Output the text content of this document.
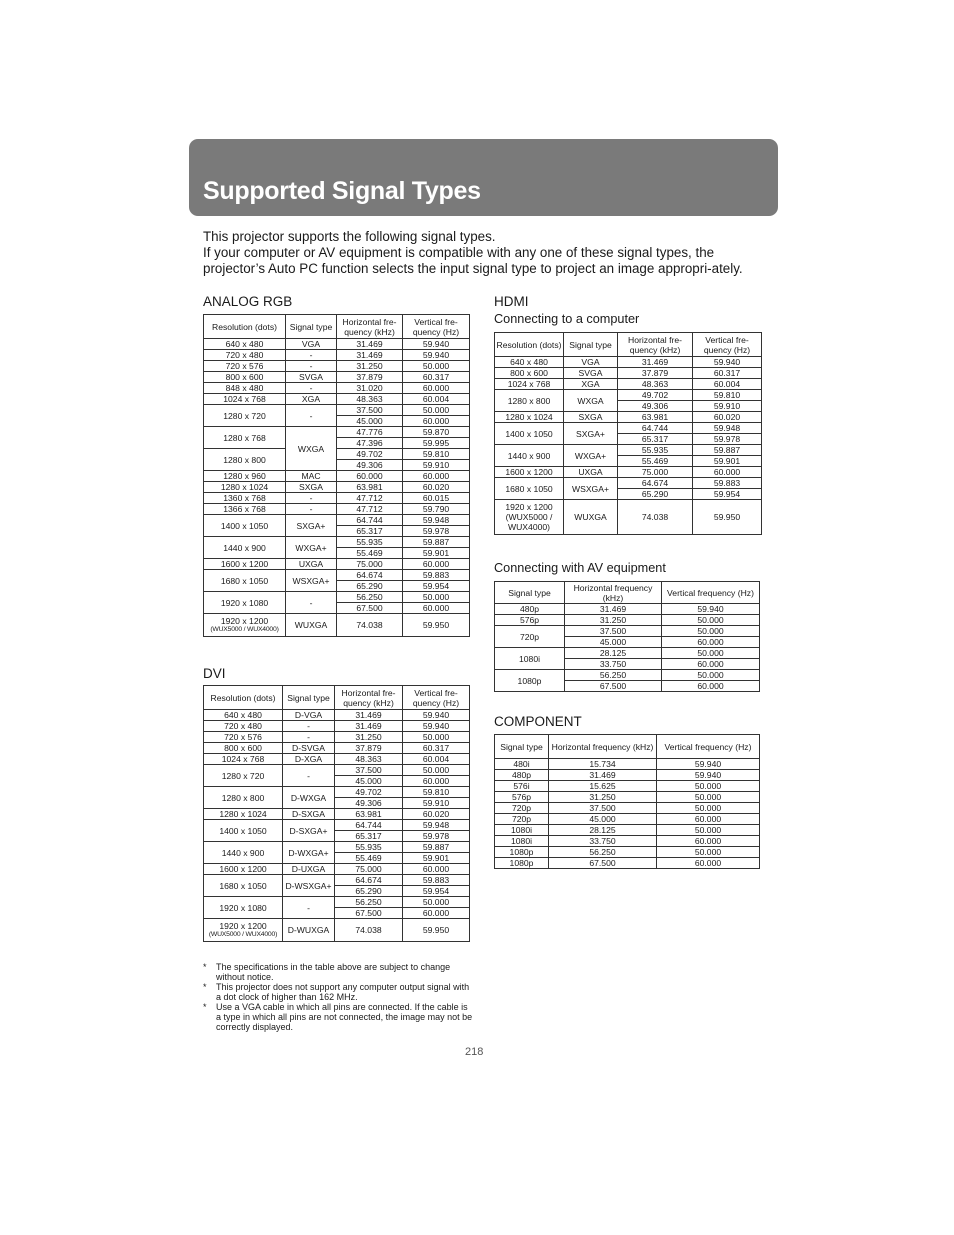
Supported Signal Types

This projector supports the following signal types.

If your computer or AV equipment is compatible with any one of these signal types, the projector’s Auto PC function selects the input signal type to project an image appropri-ately.

ANALOG RGB
Resolution (dots)	Signal type	Horizontal fre-quency (kHz)	Vertical fre-quency (Hz)
640 x 480	VGA	31.469	59.940
720 x 480	-	31.469	59.940
720 x 576	-	31.250	50.000
800 x 600	SVGA	37.879	60.317
848 x 480	-	31.020	60.000
1024 x 768	XGA	48.363	60.004
1280 x 720	-	37.500	50.000
		45.000	60.000
1280 x 768	WXGA	47.776	59.870
		47.396	59.995
1280 x 800		49.702	59.810
		49.306	59.910
1280 x 960	MAC	60.000	60.000
1280 x 1024	SXGA	63.981	60.020
1360 x 768	-	47.712	60.015
1366 x 768	-	47.712	59.790
1400 x 1050	SXGA+	64.744	59.948
		65.317	59.978
1440 x 900	WXGA+	55.935	59.887
		55.469	59.901
1600 x 1200	UXGA	75.000	60.000
1680 x 1050	WSXGA+	64.674	59.883
		65.290	59.954
1920 x 1080	-	56.250	50.000
		67.500	60.000
1920 x 1200
(WUX5000 / WUX4000)	WUXGA	74.038	59.950
DVI
Resolution (dots)	Signal type	Horizontal fre-quency (kHz)	Vertical fre-quency (Hz)
640 x 480	D-VGA	31.469	59.940
720 x 480	-	31.469	59.940
720 x 576	-	31.250	50.000
800 x 600	D-SVGA	37.879	60.317
1024 x 768	D-XGA	48.363	60.004
1280 x 720	-	37.500	50.000
		45.000	60.000
1280 x 800	D-WXGA	49.702	59.810
		49.306	59.910
1280 x 1024	D-SXGA	63.981	60.020
1400 x 1050	D-SXGA+	64.744	59.948
		65.317	59.978
1440 x 900	D-WXGA+	55.935	59.887
		55.469	59.901
1600 x 1200	D-UXGA	75.000	60.000
1680 x 1050	D-WSXGA+	64.674	59.883
		65.290	59.954
1920 x 1080	-	56.250	50.000
		67.500	60.000
1920 x 1200
(WUX5000 / WUX4000)	D-WUXGA	74.038	59.950
* The specifications in the table above are subject to change without notice.
* This projector does not support any computer output signal with a dot clock of higher than 162 MHz.
* Use a VGA cable in which all pins are connected. If the cable is a type in which all pins are not connected, the image may not be correctly displayed.
HDMI
Connecting to a computer
Resolution (dots)	Signal type	Horizontal fre-quency (kHz)	Vertical fre-quency (Hz)
640 x 480	VGA	31.469	59.940
800 x 600	SVGA	37.879	60.317
1024 x 768	XGA	48.363	60.004
1280 x 800	WXGA	49.702	59.810
		49.306	59.910
1280 x 1024	SXGA	63.981	60.020
1400 x 1050	SXGA+	64.744	59.948
		65.317	59.978
1440 x 900	WXGA+	55.935	59.887
		55.469	59.901
1600 x 1200	UXGA	75.000	60.000
1680 x 1050	WSXGA+	64.674	59.883
		65.290	59.954
1920 x 1200 (WUX5000 / WUX4000)	WUXGA	74.038	59.950
Connecting with AV equipment
Signal type	Horizontal frequency (kHz)	Vertical frequency (Hz)
480p	31.469	59.940
576p	31.250	50.000
720p	37.500	50.000
	45.000	60.000
1080i	28.125	50.000
	33.750	60.000
1080p	56.250	50.000
	67.500	60.000
COMPONENT
Signal type	Horizontal frequency (kHz)	Vertical frequency (Hz)
480i	15.734	59.940
480p	31.469	59.940
576i	15.625	50.000
576p	31.250	50.000
720p	37.500	50.000
720p	45.000	60.000
1080i	28.125	50.000
1080i	33.750	60.000
1080p	56.250	50.000
1080p	67.500	60.000
218
